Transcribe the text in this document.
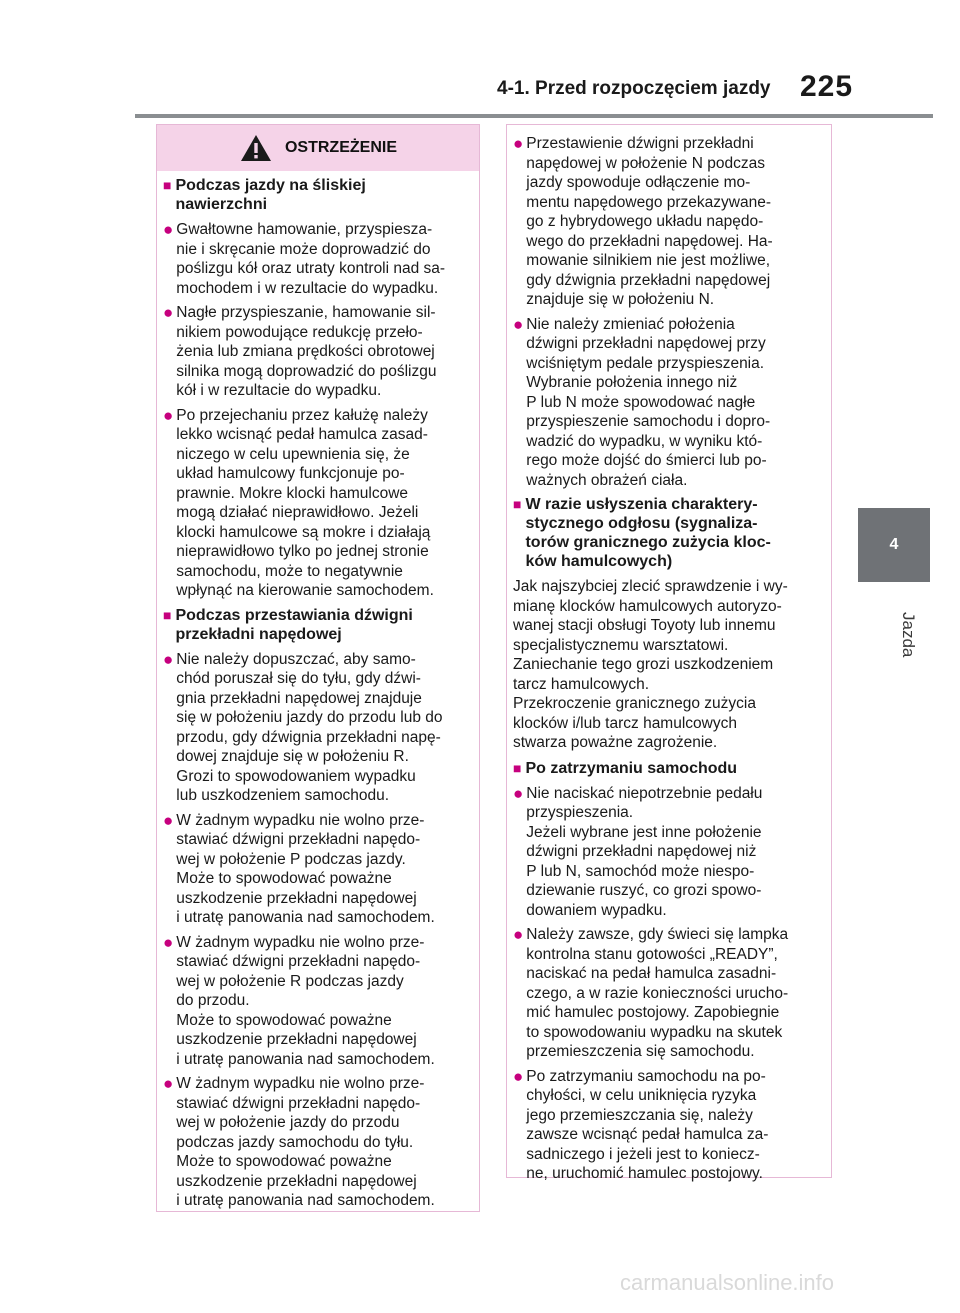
4-1. Przed rozpoczęciem jazdy 225
4
Jazda
OSTRZEŻENIE
■ Podczas jazdy na śliskiej
nawierzchni
● Gwałtowne hamowanie, przyspiesza-
nie i skręcanie może doprowadzić do
poślizgu kół oraz utraty kontroli nad sa-
mochodem i w rezultacie do wypadku.
● Nagłe przyspieszanie, hamowanie sil-
nikiem powodujące redukcję przeło-
żenia lub zmiana prędkości obrotowej
silnika mogą doprowadzić do poślizgu
kół i w rezultacie do wypadku.
● Po przejechaniu przez kałużę należy
lekko wcisnąć pedał hamulca zasad-
niczego w celu upewnienia się, że
układ hamulcowy funkcjonuje po-
prawnie. Mokre klocki hamulcowe
mogą działać nieprawidłowo. Jeżeli
klocki hamulcowe są mokre i działają
nieprawidłowo tylko po jednej stronie
samochodu, może to negatywnie
wpłynąć na kierowanie samochodem.
■ Podczas przestawiania dźwigni
przekładni napędowej
● Nie należy dopuszczać, aby samo-
chód poruszał się do tyłu, gdy dźwi-
gnia przekładni napędowej znajduje
się w położeniu jazdy do przodu lub do
przodu, gdy dźwignia przekładni napę-
dowej znajduje się w położeniu R.
Grozi to spowodowaniem wypadku
lub uszkodzeniem samochodu.
● W żadnym wypadku nie wolno prze-
stawiać dźwigni przekładni napędo-
wej w położenie P podczas jazdy.
Może to spowodować poważne
uszkodzenie przekładni napędowej
i utratę panowania nad samochodem.
● W żadnym wypadku nie wolno prze-
stawiać dźwigni przekładni napędo-
wej w położenie R podczas jazdy
do przodu.
Może to spowodować poważne
uszkodzenie przekładni napędowej
i utratę panowania nad samochodem.
● W żadnym wypadku nie wolno prze-
stawiać dźwigni przekładni napędo-
wej w położenie jazdy do przodu
podczas jazdy samochodu do tyłu.
Może to spowodować poważne
uszkodzenie przekładni napędowej
i utratę panowania nad samochodem.
● Przestawienie dźwigni przekładni
napędowej w położenie N podczas
jazdy spowoduje odłączenie mo-
mentu napędowego przekazywane-
go z hybrydowego układu napędo-
wego do przekładni napędowej. Ha-
mowanie silnikiem nie jest możliwe,
gdy dźwignia przekładni napędowej
znajduje się w położeniu N.
● Nie należy zmieniać położenia
dźwigni przekładni napędowej przy
wciśniętym pedale przyspieszenia.
Wybranie położenia innego niż
P lub N może spowodować nagłe
przyspieszenie samochodu i dopro-
wadzić do wypadku, w wyniku któ-
rego może dojść do śmierci lub po-
ważnych obrażeń ciała.
■ W razie usłyszenia charaktery-
stycznego odgłosu (sygnaliza-
torów granicznego zużycia kloc-
ków hamulcowych)
Jak najszybciej zlecić sprawdzenie i wy-
mianę klocków hamulcowych autoryzo-
wanej stacji obsługi Toyoty lub innemu
specjalistycznemu warsztatowi.
Zaniechanie tego grozi uszkodzeniem
tarcz hamulcowych.
Przekroczenie granicznego zużycia
klocków i/lub tarcz hamulcowych
stwarza poważne zagrożenie.
■ Po zatrzymaniu samochodu
● Nie naciskać niepotrzebnie pedału
przyspieszenia.
Jeżeli wybrane jest inne położenie
dźwigni przekładni napędowej niż
P lub N, samochód może niespo-
dziewanie ruszyć, co grozi spowo-
dowaniem wypadku.
● Należy zawsze, gdy świeci się lampka
kontrolna stanu gotowości „READY”,
naciskać na pedał hamulca zasadni-
czego, a w razie konieczności urucho-
mić hamulec postojowy. Zapobiegnie
to spowodowaniu wypadku na skutek
przemieszczenia się samochodu.
● Po zatrzymaniu samochodu na po-
chyłości, w celu uniknięcia ryzyka
jego przemieszczania się, należy
zawsze wcisnąć pedał hamulca za-
sadniczego i jeżeli jest to koniecz-
ne, uruchomić hamulec postojowy.
carmanualsonline.info
